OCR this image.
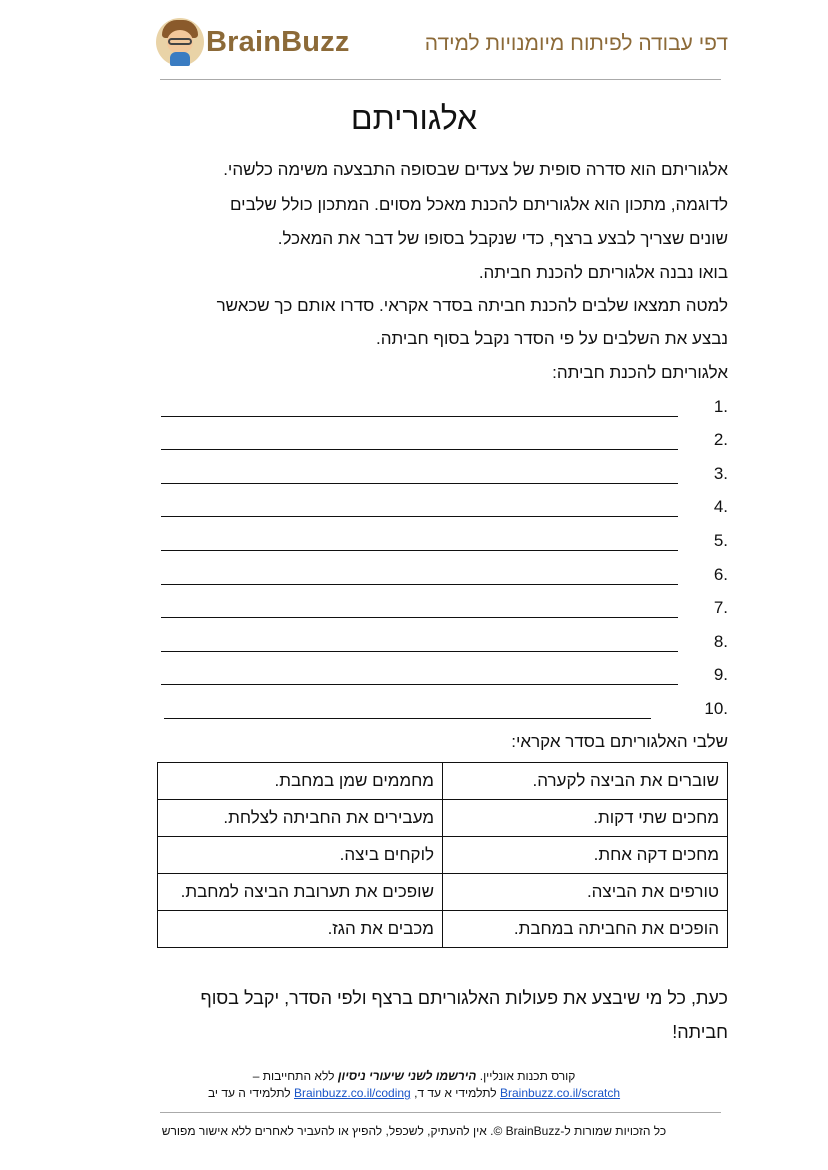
BrainBuzz	דפי עבודה לפיתוח מיומנויות למידה
אלגוריתם
אלגוריתם הוא סדרה סופית של צעדים שבסופה התבצעה משימה כלשהי.
לדוגמה, מתכון הוא אלגוריתם להכנת מאכל מסוים. המתכון כולל שלבים
שונים שצריך לבצע ברצף, כדי שנקבל בסופו של דבר את המאכל.
בואו נבנה אלגוריתם להכנת חביתה.
למטה תמצאו שלבים להכנת חביתה בסדר אקראי. סדרו אותם כך שכאשר
נבצע את השלבים על פי הסדר נקבל בסוף חביתה.
אלגוריתם להכנת חביתה:
1.
2.
3.
4.
5.
6.
7.
8.
9.
10.
שלבי האלגוריתם בסדר אקראי:
שוברים את הביצה לקערה.	מחממים שמן במחבת.
מחכים שתי דקות.	מעבירים את החביתה לצלחת.
מחכים דקה אחת.	לוקחים ביצה.
טורפים את הביצה.	שופכים את תערובת הביצה למחבת.
הופכים את החביתה במחבת.	מכבים את הגז.
כעת, כל מי שיבצע את פעולות האלגוריתם ברצף ולפי הסדר, יקבל בסוף
חביתה!
קורס תכנות אונליין. הירשמו לשני שיעורי ניסיון ללא התחייבות –
Brainbuzz.co.il/scratch לתלמידי א עד ד, Brainbuzz.co.il/coding לתלמידי ה עד יב
כל הזכויות שמורות ל-BrainBuzz ©. אין להעתיק, לשכפל, להפיץ או להעביר לאחרים ללא אישור מפורש
